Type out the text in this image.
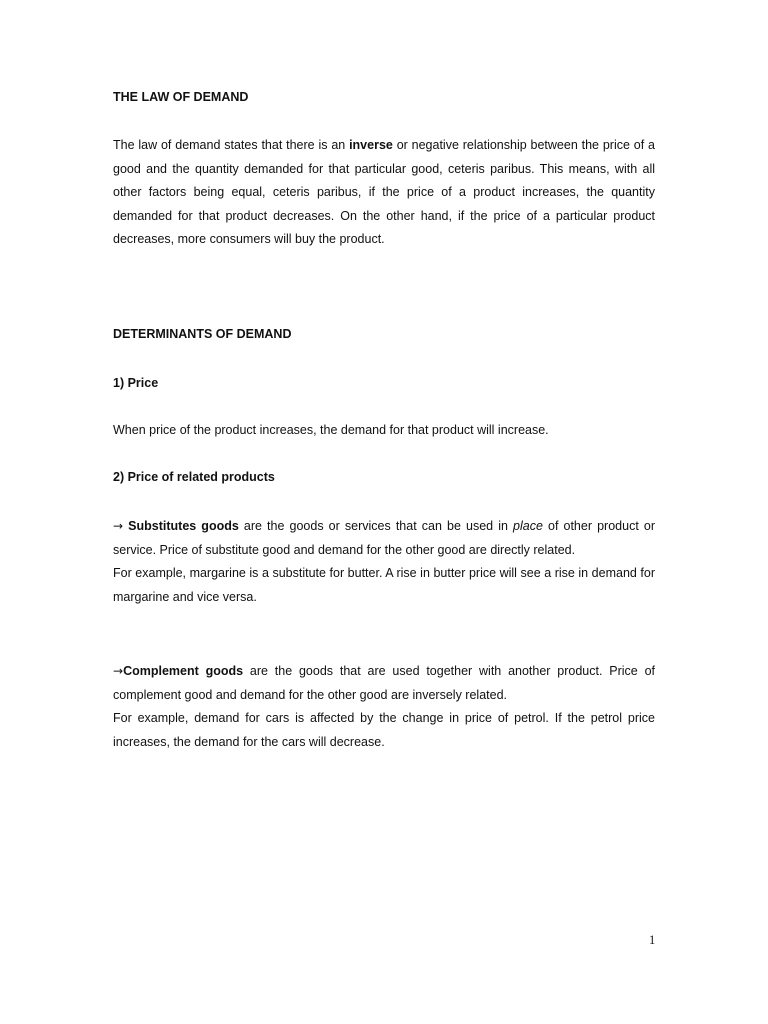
THE LAW OF DEMAND
The law of demand states that there is an inverse or negative relationship between the price of a good and the quantity demanded for that particular good, ceteris paribus. This means, with all other factors being equal, ceteris paribus, if the price of a product increases, the quantity demanded for that product decreases. On the other hand, if the price of a particular product decreases, more consumers will buy the product.
DETERMINANTS OF DEMAND
1) Price
When price of the product increases, the demand for that product will increase.
2) Price of related products
→ Substitutes goods are the goods or services that can be used in place of other product or service. Price of substitute good and demand for the other good are directly related.
For example, margarine is a substitute for butter. A rise in butter price will see a rise in demand for margarine and vice versa.
→Complement goods are the goods that are used together with another product. Price of complement good and demand for the other good are inversely related.
For example, demand for cars is affected by the change in price of petrol. If the petrol price increases, the demand for the cars will decrease.
1
